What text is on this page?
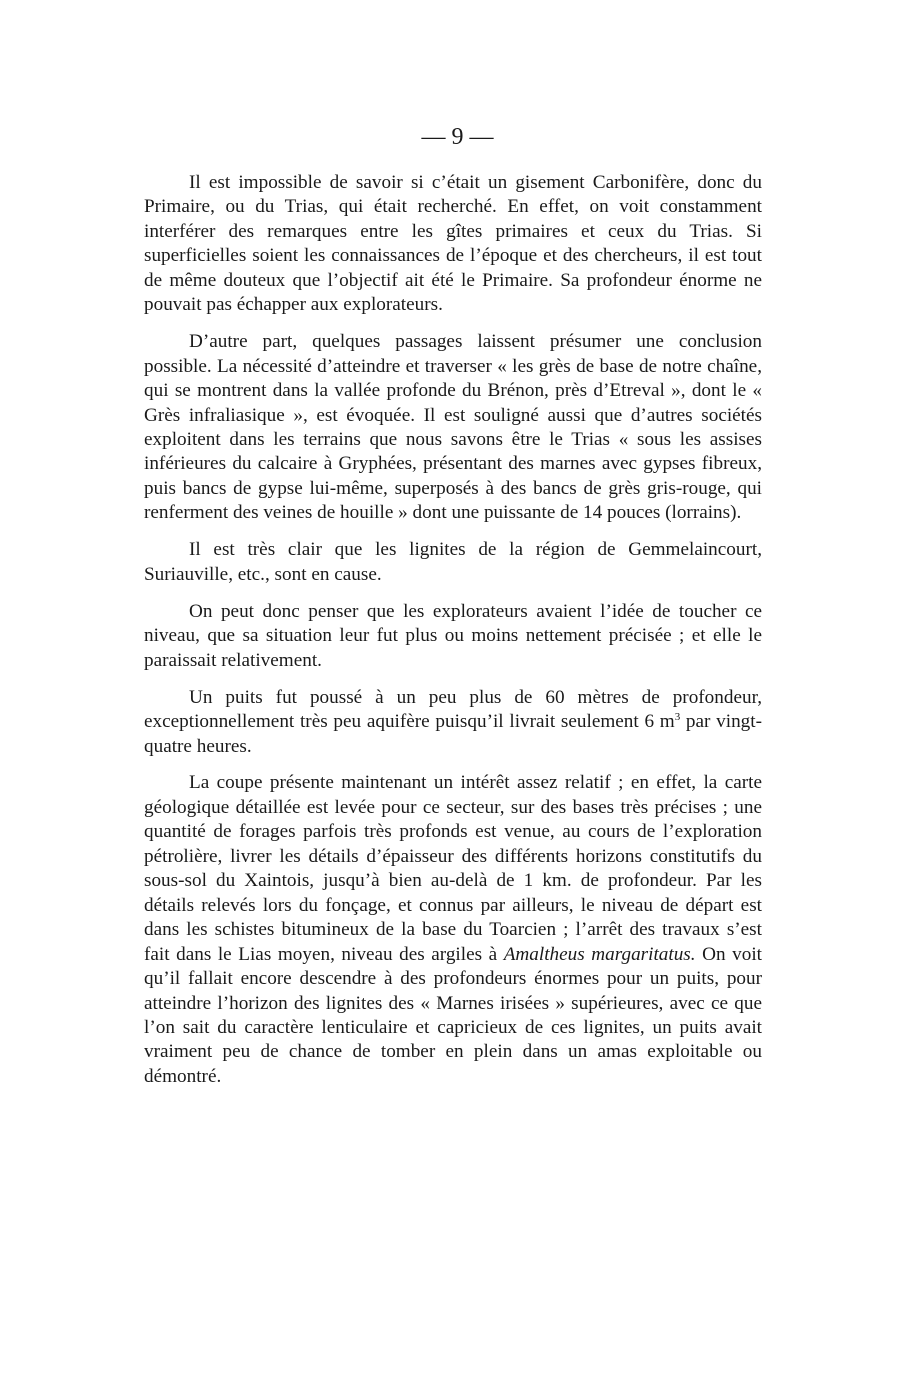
— 9 —

Il est impossible de savoir si c’était un gisement Carbonifère, donc du Primaire, ou du Trias, qui était recherché. En effet, on voit constamment interférer des remarques entre les gîtes primaires et ceux du Trias. Si superficielles soient les connaissances de l’époque et des chercheurs, il est tout de même douteux que l’objectif ait été le Primaire. Sa profondeur énorme ne pouvait pas échapper aux explorateurs.

D’autre part, quelques passages laissent présumer une conclusion possible. La nécessité d’atteindre et traverser « les grès de base de notre chaîne, qui se montrent dans la vallée profonde du Brénon, près d’Etreval », dont le « Grès infraliasique », est évoquée. Il est souligné aussi que d’autres sociétés exploitent dans les terrains que nous savons être le Trias « sous les assises inférieures du calcaire à Gryphées, présentant des marnes avec gypses fibreux, puis bancs de gypse lui-même, superposés à des bancs de grès gris-rouge, qui renferment des veines de houille » dont une puissante de 14 pouces (lorrains).

Il est très clair que les lignites de la région de Gemmelaincourt, Suriauville, etc., sont en cause.

On peut donc penser que les explorateurs avaient l’idée de toucher ce niveau, que sa situation leur fut plus ou moins nettement précisée ; et elle le paraissait relativement.

Un puits fut poussé à un peu plus de 60 mètres de profondeur, exceptionnellement très peu aquifère puisqu’il livrait seulement 6 $m^3$ par vingt-quatre heures.

La coupe présente maintenant un intérêt assez relatif ; en effet, la carte géologique détaillée est levée pour ce secteur, sur des bases très précises ; une quantité de forages parfois très profonds est venue, au cours de l’exploration pétrolière, livrer les détails d’épaisseur des différents horizons constitutifs du sous-sol du Xaintois, jusqu’à bien au-delà de 1 km. de profondeur. Par les détails relevés lors du fonçage, et connus par ailleurs, le niveau de départ est dans les schistes bitumineux de la base du Toarcien ; l’arrêt des travaux s’est fait dans le Lias moyen, niveau des argiles à Amaltheus margaritatus. On voit qu’il fallait encore descendre à des profondeurs énormes pour un puits, pour atteindre l’horizon des lignites des « Marnes irisées » supérieures, avec ce que l’on sait du caractère lenticulaire et capricieux de ces lignites, un puits avait vraiment peu de chance de tomber en plein dans un amas exploitable ou démontré.
